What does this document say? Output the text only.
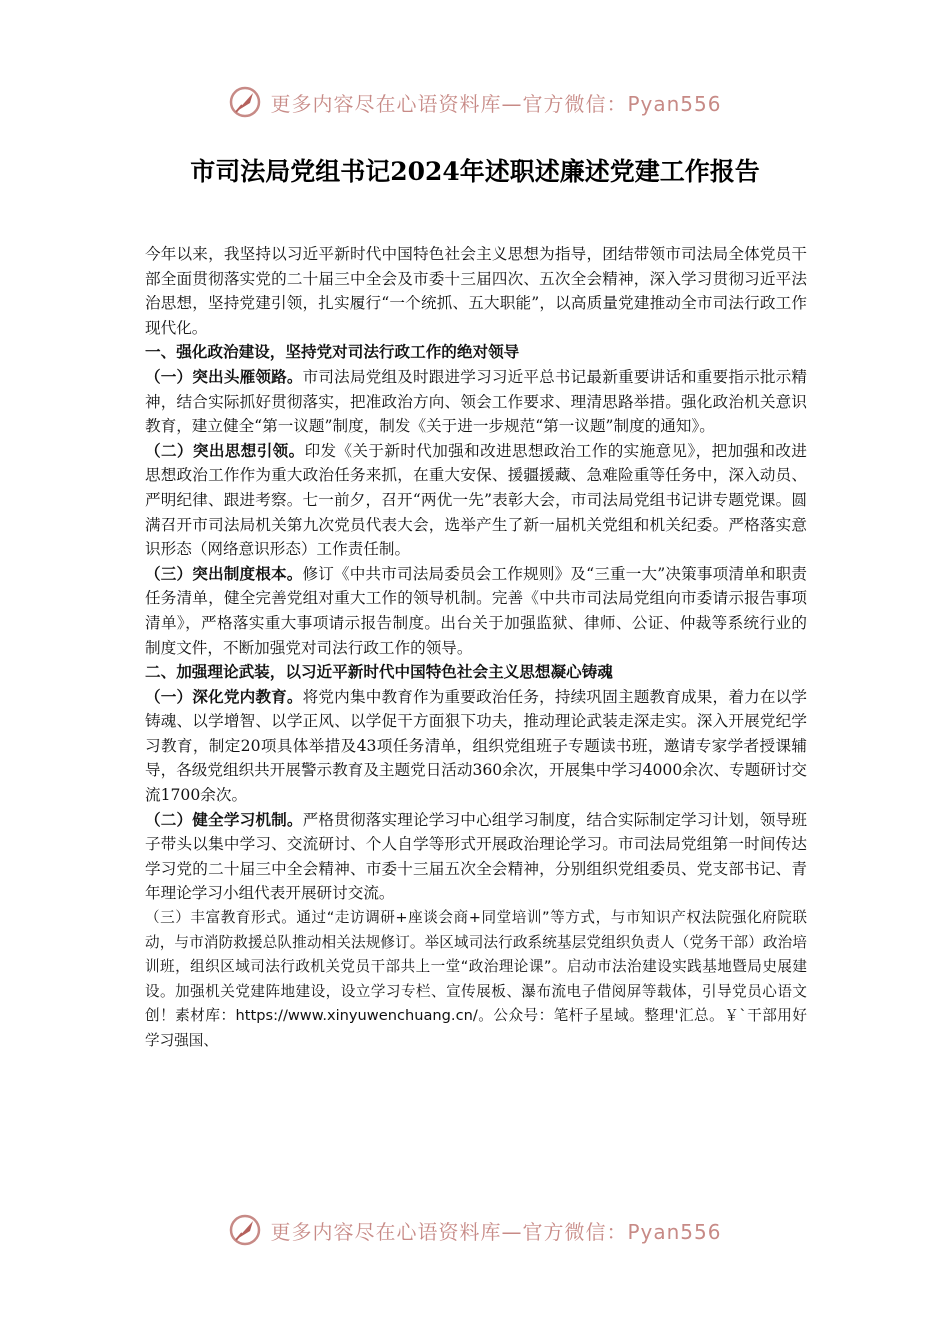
更多内容尽在心语资料库—官方微信：Pyan556
市司法局党组书记2024年述职述廉述党建工作报告

今年以来，我坚持以习近平新时代中国特色社会主义思想为指导，团结带领市司法局全体党员干部全面贯彻落实党的二十届三中全会及市委十三届四次、五次全会精神，深入学习贯彻习近平法治思想，坚持党建引领，扎实履行“一个统抓、五大职能”，以高质量党建推动全市司法行政工作现代化。

一、强化政治建设，坚持党对司法行政工作的绝对领导

（一）突出头雁领路。市司法局党组及时跟进学习习近平总书记最新重要讲话和重要指示批示精神，结合实际抓好贯彻落实，把准政治方向、领会工作要求、理清思路举措。强化政治机关意识教育，建立健全“第一议题”制度，制发《关于进一步规范“第一议题”制度的通知》。

（二）突出思想引领。印发《关于新时代加强和改进思想政治工作的实施意见》，把加强和改进思想政治工作作为重大政治任务来抓，在重大安保、援疆援藏、急难险重等任务中，深入动员、严明纪律、跟进考察。七一前夕，召开“两优一先”表彰大会，市司法局党组书记讲专题党课。圆满召开市司法局机关第九次党员代表大会，选举产生了新一届机关党组和机关纪委。严格落实意识形态（网络意识形态）工作责任制。

（三）突出制度根本。修订《中共市司法局委员会工作规则》及“三重一大”决策事项清单和职责任务清单，健全完善党组对重大工作的领导机制。完善《中共市司法局党组向市委请示报告事项清单》，严格落实重大事项请示报告制度。出台关于加强监狱、律师、公证、仲裁等系统行业的制度文件，不断加强党对司法行政工作的领导。

二、加强理论武装，以习近平新时代中国特色社会主义思想凝心铸魂

（一）深化党内教育。将党内集中教育作为重要政治任务，持续巩固主题教育成果，着力在以学铸魂、以学增智、以学正风、以学促干方面狠下功夫，推动理论武装走深走实。深入开展党纪学习教育，制定20项具体举措及43项任务清单，组织党组班子专题读书班，邀请专家学者授课辅导，各级党组织共开展警示教育及主题党日活动360余次，开展集中学习4000余次、专题研讨交流1700余次。

（二）健全学习机制。严格贯彻落实理论学习中心组学习制度，结合实际制定学习计划，领导班子带头以集中学习、交流研讨、个人自学等形式开展政治理论学习。市司法局党组第一时间传达学习党的二十届三中全会精神、市委十三届五次全会精神，分别组织党组委员、党支部书记、青年理论学习小组代表开展研讨交流。

（三）丰富教育形式。通过“走访调研+座谈会商+同堂培训”等方式，与市知识产权法院强化府院联动，与市消防救援总队推动相关法规修订。举区域司法行政系统基层党组织负责人（党务干部）政治培训班，组织区域司法行政机关党员干部共上一堂“政治理论课”。启动市法治建设实践基地暨局史展建设。加强机关党建阵地建设，设立学习专栏、宣传展板、瀑布流电子借阅屏等载体，引导党员心语文创！素材库：https://www.xinyuwenchuang.cn/。公众号：笔杆子星域。整理'汇总。￥`干部用好学习强国、

更多内容尽在心语资料库—官方微信：Pyan556
